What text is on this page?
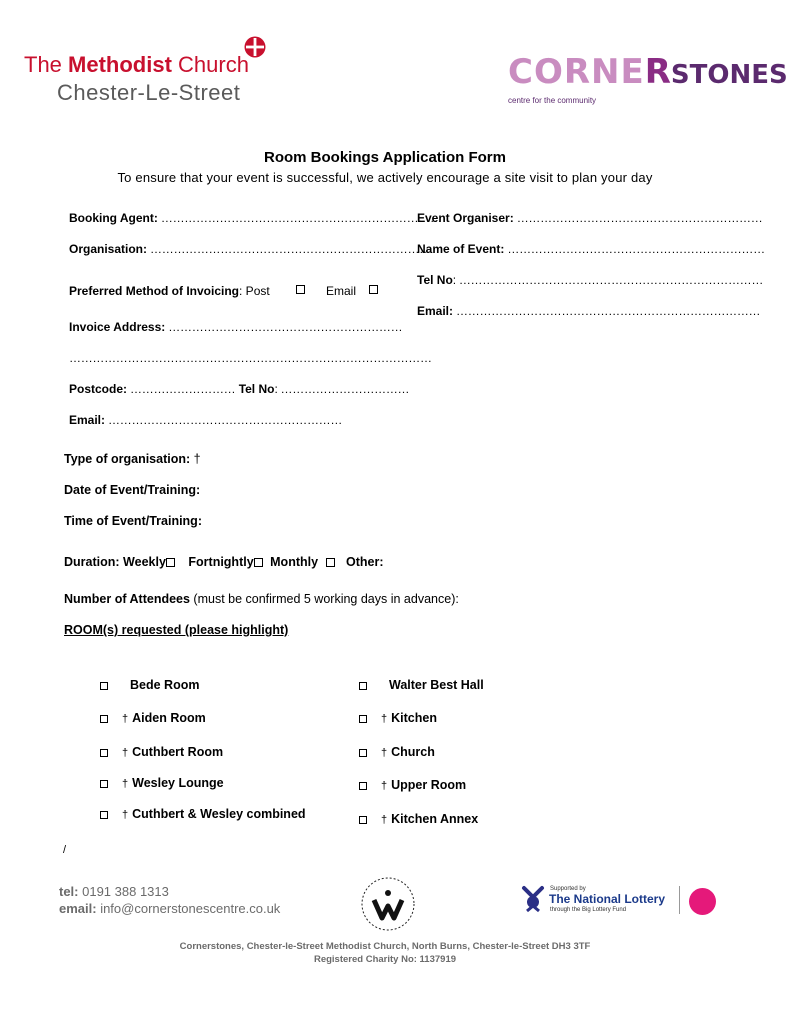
The Methodist Church
Chester-Le-Street
CORNERSTONES
centre for the community
Room Bookings Application Form
To ensure that your event is successful, we actively encourage a site visit to plan your day
Booking Agent: ………………………………………………………………
Organisation: ………………………………………………………………
Preferred Method of Invoicing: Post	Email
Invoice Address: ……………………………………………………
…………………………………………………………………………………
Postcode: ……………………… Tel No: ……………………………
Email: ……………………………………………………
Event Organiser: ………………………………………………………
Name of Event: …………………………………………………………
Tel No: ……………………………………………………………………
Email: ……………………………………………………………………
Type of organisation: †
Date of Event/Training:
Time of Event/Training:
Duration: Weekly Fortnightly Monthly Other:
Number of Attendees (must be confirmed 5 working days in advance):
ROOM(s) requested (please highlight)
Bede Room
† Aiden Room
† Cuthbert Room
† Wesley Lounge
† Cuthbert & Wesley combined
Walter Best Hall
† Kitchen
† Church
† Upper Room
† Kitchen Annex
/
tel: 0191 388 1313
email: info@cornerstonescentre.co.uk
Supported by
The National Lottery
through the Big Lottery Fund
Cornerstones, Chester-le-Street Methodist Church, North Burns, Chester-le-Street DH3 3TF
Registered Charity No: 1137919
